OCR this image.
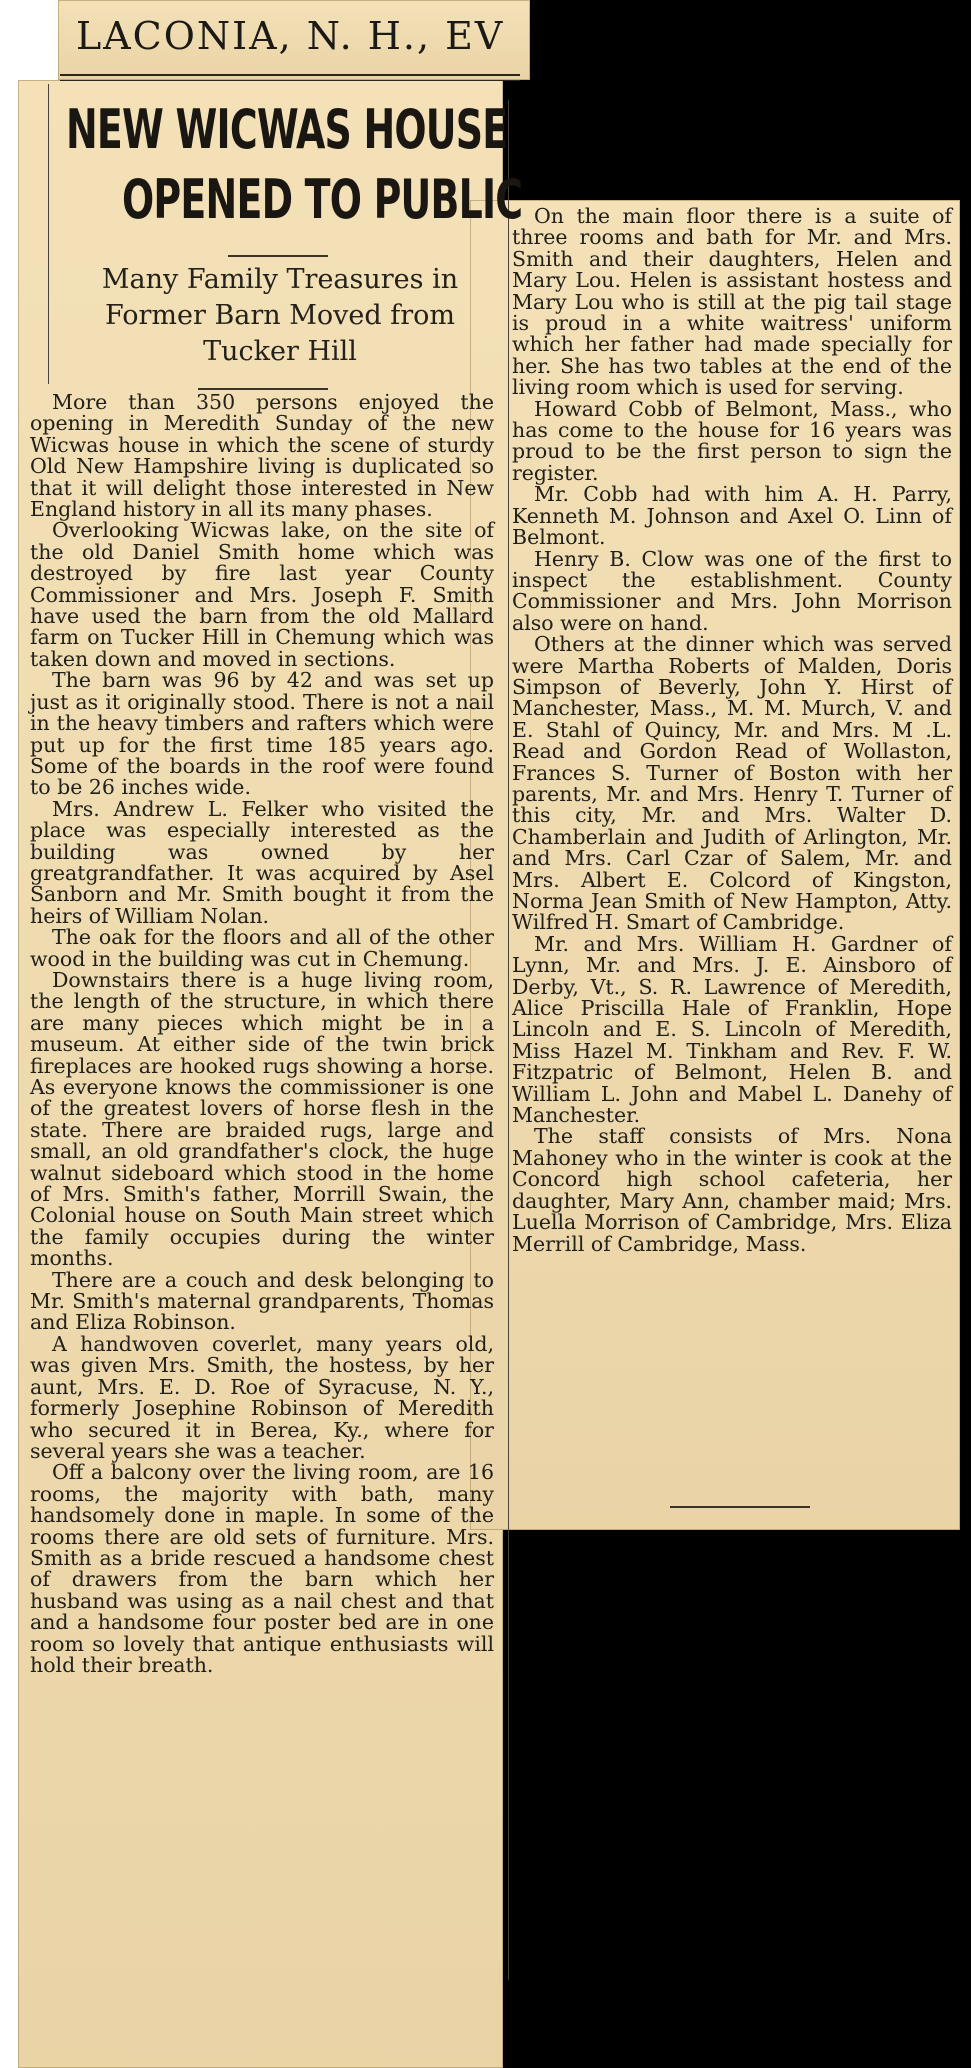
LACONIA, N. H., EV
NEW WICWAS HOUSE
OPENED TO PUBLIC
Many Family Treasures in
Former Barn Moved from
Tucker Hill

More than 350 persons enjoyed the opening in Meredith Sunday of the new Wicwas house in which the scene of sturdy Old New Hampshire living is duplicated so that it will delight those interested in New England history in all its many phases.

Overlooking Wicwas lake, on the site of the old Daniel Smith home which was destroyed by fire last year County Commissioner and Mrs. Joseph F. Smith have used the barn from the old Mallard farm on Tucker Hill in Chemung which was taken down and moved in sections.

The barn was 96 by 42 and was set up just as it originally stood. There is not a nail in the heavy timbers and rafters which were put up for the first time 185 years ago. Some of the boards in the roof were found to be 26 inches wide.

Mrs. Andrew L. Felker who visited the place was especially interested as the building was owned by her greatgrandfather. It was acquired by Asel Sanborn and Mr. Smith bought it from the heirs of William Nolan.

The oak for the floors and all of the other wood in the building was cut in Chemung.

Downstairs there is a huge living room, the length of the structure, in which there are many pieces which might be in a museum. At either side of the twin brick fireplaces are hooked rugs showing a horse. As everyone knows the commissioner is one of the greatest lovers of horse flesh in the state. There are braided rugs, large and small, an old grandfather's clock, the huge walnut sideboard which stood in the home of Mrs. Smith's father, Morrill Swain, the Colonial house on South Main street which the family occupies during the winter months.

There are a couch and desk belonging to Mr. Smith's maternal grandparents, Thomas and Eliza Robinson.

A handwoven coverlet, many years old, was given Mrs. Smith, the hostess, by her aunt, Mrs. E. D. Roe of Syracuse, N. Y., formerly Josephine Robinson of Meredith who secured it in Berea, Ky., where for several years she was a teacher.

Off a balcony over the living room, are 16 rooms, the majority with bath, many handsomely done in maple. In some of the rooms there are old sets of furniture. Mrs. Smith as a bride rescued a handsome chest of drawers from the barn which her husband was using as a nail chest and that and a handsome four poster bed are in one room so lovely that antique enthusiasts will hold their breath.

On the main floor there is a suite of three rooms and bath for Mr. and Mrs. Smith and their daughters, Helen and Mary Lou. Helen is assistant hostess and Mary Lou who is still at the pig tail stage is proud in a white waitress' uniform which her father had made specially for her. She has two tables at the end of the living room which is used for serving.

Howard Cobb of Belmont, Mass., who has come to the house for 16 years was proud to be the first person to sign the register.

Mr. Cobb had with him A. H. Parry, Kenneth M. Johnson and Axel O. Linn of Belmont.

Henry B. Clow was one of the first to inspect the establishment. County Commissioner and Mrs. John Morrison also were on hand.

Others at the dinner which was served were Martha Roberts of Malden, Doris Simpson of Beverly, John Y. Hirst of Manchester, Mass., M. M. Murch, V. and E. Stahl of Quincy, Mr. and Mrs. M .L. Read and Gordon Read of Wollaston, Frances S. Turner of Boston with her parents, Mr. and Mrs. Henry T. Turner of this city, Mr. and Mrs. Walter D. Chamberlain and Judith of Arlington, Mr. and Mrs. Carl Czar of Salem, Mr. and Mrs. Albert E. Colcord of Kingston, Norma Jean Smith of New Hampton, Atty. Wilfred H. Smart of Cambridge.

Mr. and Mrs. William H. Gardner of Lynn, Mr. and Mrs. J. E. Ainsboro of Derby, Vt., S. R. Lawrence of Meredith, Alice Priscilla Hale of Franklin, Hope Lincoln and E. S. Lincoln of Meredith, Miss Hazel M. Tinkham and Rev. F. W. Fitzpatric of Belmont, Helen B. and William L. John and Mabel L. Danehy of Manchester.

The staff consists of Mrs. Nona Mahoney who in the winter is cook at the Concord high school cafeteria, her daughter, Mary Ann, chamber maid; Mrs. Luella Morrison of Cambridge, Mrs. Eliza Merrill of Cambridge, Mass.
